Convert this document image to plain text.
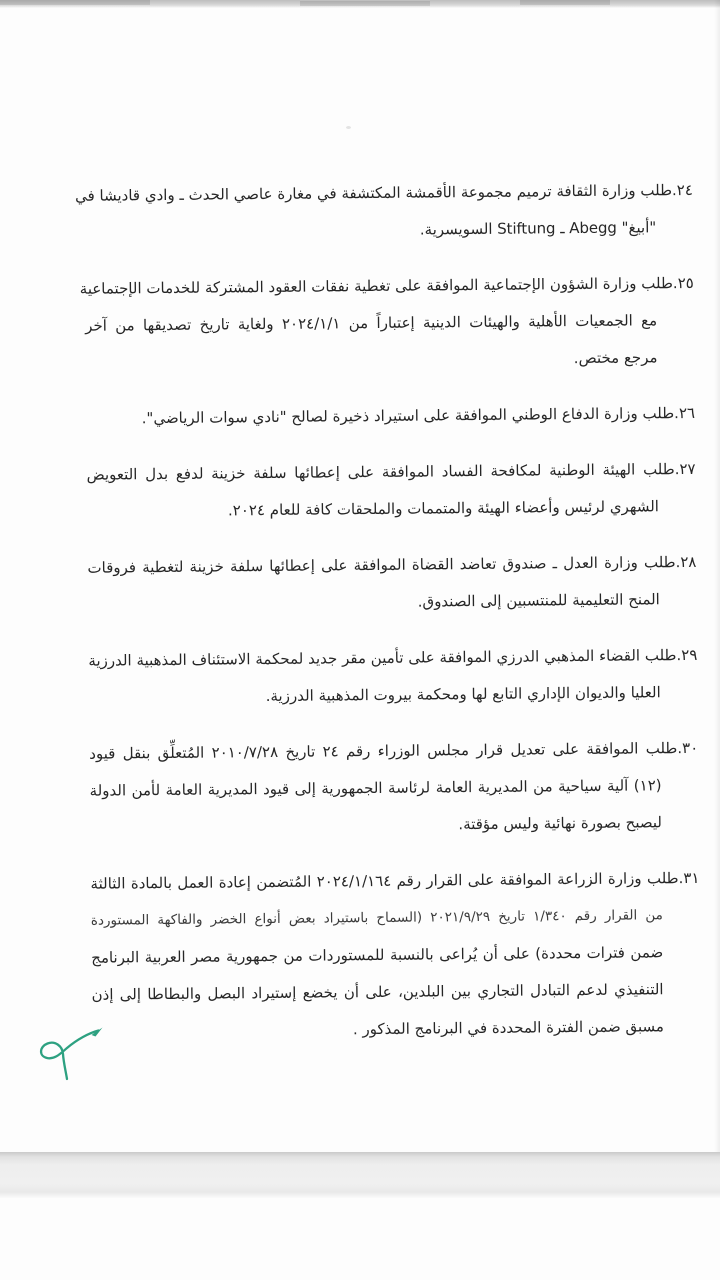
٢٤.طلب وزارة الثقافة ترميم مجموعة الأقمشة المكتشفة في مغارة عاصي الحدث ـ وادي قاديشا في
"أبيغ" Abegg ـ Stiftung السويسرية.
٢٥.طلب وزارة الشؤون الإجتماعية الموافقة على تغطية نفقات العقود المشتركة للخدمات الإجتماعية
مع الجمعيات الأهلية والهيئات الدينية إعتباراً من ٢٠٢٤/١/١ ولغاية تاريخ تصديقها من آخر
مرجع مختص.
٢٦.طلب وزارة الدفاع الوطني الموافقة على استيراد ذخيرة لصالح "نادي سوات الرياضي".
٢٧.طلب الهيئة الوطنية لمكافحة الفساد الموافقة على إعطائها سلفة خزينة لدفع بدل التعويض
الشهري لرئيس وأعضاء الهيئة والمتممات والملحقات كافة للعام ٢٠٢٤.
٢٨.طلب وزارة العدل ـ صندوق تعاضد القضاة الموافقة على إعطائها سلفة خزينة لتغطية فروقات
المنح التعليمية للمنتسبين إلى الصندوق.
٢٩.طلب القضاء المذهبي الدرزي الموافقة على تأمين مقر جديد لمحكمة الاستئناف المذهبية الدرزية
العليا والديوان الإداري التابع لها ومحكمة بيروت المذهبية الدرزية.
٣٠.طلب الموافقة على تعديل قرار مجلس الوزراء رقم ٢٤ تاريخ ٢٠١٠/٧/٢٨ المُتعلِّق بنقل قيود
(١٢) آلية سياحية من المديرية العامة لرئاسة الجمهورية إلى قيود المديرية العامة لأمن الدولة
ليصبح بصورة نهائية وليس مؤقتة.
٣١.طلب وزارة الزراعة الموافقة على القرار رقم ٢٠٢٤/١/١٦٤ المُتضمن إعادة العمل بالمادة الثالثة
من القرار رقم ١/٣٤٠ تاريخ ٢٠٢١/٩/٢٩ (السماح باستيراد بعض أنواع الخضر والفاكهة المستوردة
ضمن فترات محددة) على أن يُراعى بالنسبة للمستوردات من جمهورية مصر العربية البرنامج
التنفيذي لدعم التبادل التجاري بين البلدين، على أن يخضع إستيراد البصل والبطاطا إلى إذن
مسبق ضمن الفترة المحددة في البرنامج المذكور .
